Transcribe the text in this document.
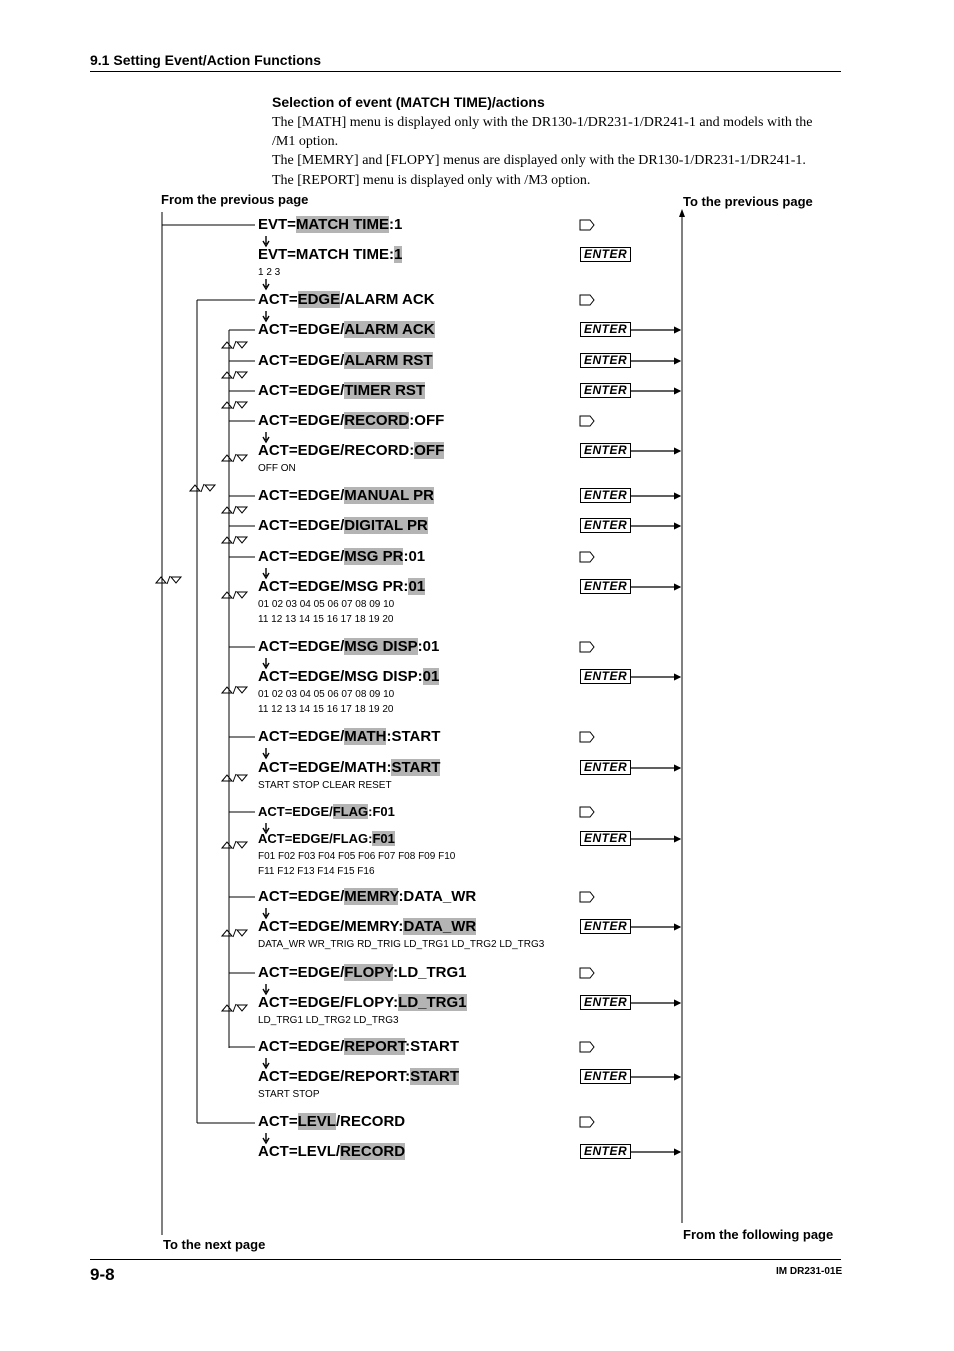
9.1 Setting Event/Action Functions
Selection of event (MATCH TIME)/actions
The [MATH] menu is displayed only with the DR130-1/DR231-1/DR241-1 and models with the
/M1 option.
The [MEMRY] and [FLOPY] menus are displayed only with the DR130-1/DR231-1/DR241-1.
The [REPORT] menu is displayed only with /M3 option.
From the previous page	To the previous page
To the next page
From the following page
EVT=MATCH TIME:1
EVT=MATCH TIME:1
1 2 3
ENTER
ACT=EDGE/ALARM ACK
ACT=EDGE/ALARM ACK	ENTER
ACT=EDGE/ALARM RST	ENTER
ACT=EDGE/TIMER RST	ENTER
ACT=EDGE/RECORD:OFF
ACT=EDGE/RECORD:OFF
OFF ON
ENTER
ACT=EDGE/MANUAL PR	ENTER
ACT=EDGE/DIGITAL PR	ENTER
ACT=EDGE/MSG PR:01
ACT=EDGE/MSG PR:01
01 02 03 04 05 06 07 08 09 10
11 12 13 14 15 16 17 18 19 20
ENTER
ACT=EDGE/MSG DISP:01
ACT=EDGE/MSG DISP:01
01 02 03 04 05 06 07 08 09 10
11 12 13 14 15 16 17 18 19 20
ENTER
ACT=EDGE/MATH:START
ACT=EDGE/MATH:START
START STOP CLEAR RESET
ENTER
ACT=EDGE/FLAG:F01
ACT=EDGE/FLAG:F01
F01 F02 F03 F04 F05 F06 F07 F08 F09 F10
F11 F12 F13 F14 F15 F16
ENTER
ACT=EDGE/MEMRY:DATA_WR
ACT=EDGE/MEMRY:DATA_WR
DATA_WR WR_TRIG RD_TRIG LD_TRG1 LD_TRG2 LD_TRG3
ENTER
ACT=EDGE/FLOPY:LD_TRG1
ACT=EDGE/FLOPY:LD_TRG1
LD_TRG1 LD_TRG2 LD_TRG3
ENTER
ACT=EDGE/REPORT:START
ACT=EDGE/REPORT:START
START STOP
ENTER
ACT=LEVL/RECORD
ACT=LEVL/RECORD	ENTER
9-8	IM DR231-01E
